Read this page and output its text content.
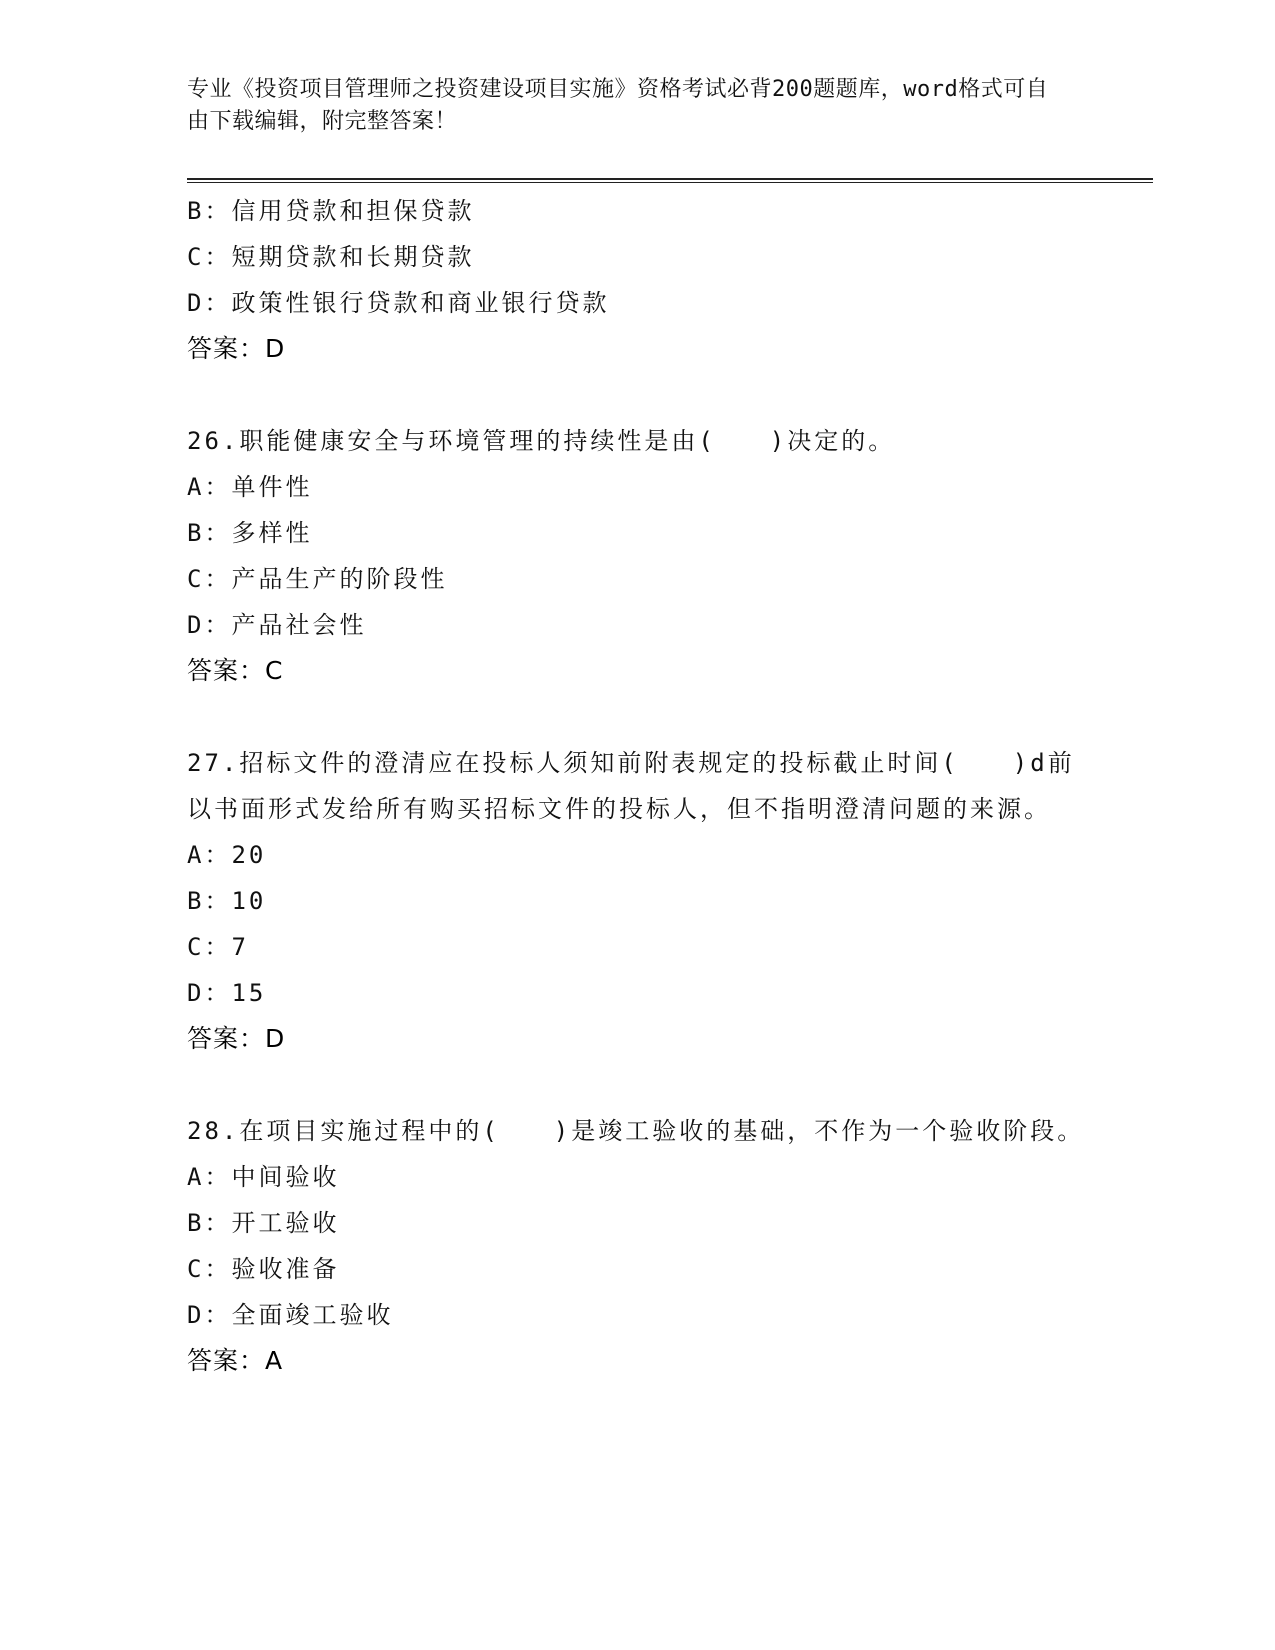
专业《投资项目管理师之投资建设项目实施》资格考试必背200题题库，word格式可自由下载编辑，附完整答案！
B：信用贷款和担保贷款
C：短期贷款和长期贷款
D：政策性银行贷款和商业银行贷款
答案：D
26.职能健康安全与环境管理的持续性是由(　　)决定的。
A：单件性
B：多样性
C：产品生产的阶段性
D：产品社会性
答案：C
27.招标文件的澄清应在投标人须知前附表规定的投标截止时间(　　)d前以书面形式发给所有购买招标文件的投标人，但不指明澄清问题的来源。
A：20
B：10
C：7
D：15
答案：D
28.在项目实施过程中的(　　)是竣工验收的基础，不作为一个验收阶段。
A：中间验收
B：开工验收
C：验收准备
D：全面竣工验收
答案：A
